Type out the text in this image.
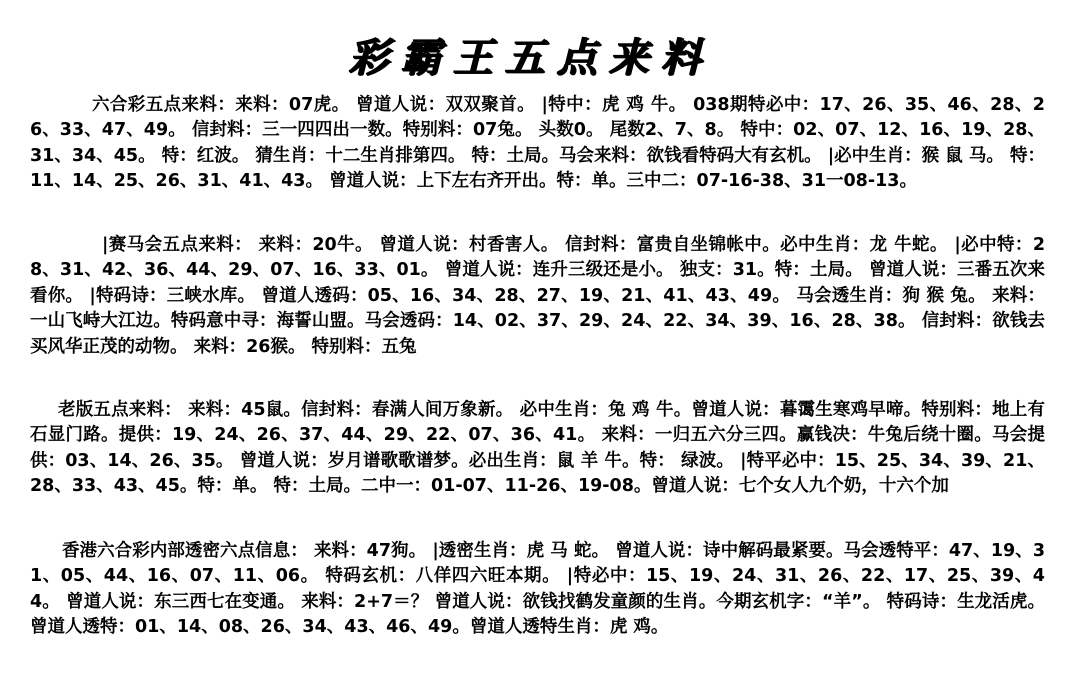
彩霸王五点来料
六合彩五点来料：来料：07虎。 曾道人说：双双聚首。 |特中：虎 鸡 牛。 038期特必中：17、26、35、46、28、26、33、47、49。 信封料：三一四四出一数。特别料：07兔。 头数0。 尾数2、7、8。 特中：02、07、12、16、19、28、31、34、45。 特：红波。 猜生肖：十二生肖排第四。 特：土局。马会来料：欲钱看特码大有玄机。 |必中生肖：猴 鼠 马。 特：11、14、25、26、31、41、43。 曾道人说：上下左右齐开出。特：单。三中二：07-16-38、31一08-13。
|赛马会五点来料： 来料：20牛。 曾道人说：村香害人。 信封料：富贵自坐锦帐中。必中生肖：龙 牛蛇。 |必中特：28、31、42、36、44、29、07、16、33、01。 曾道人说：连升三级还是小。 独支：31。特：土局。 曾道人说：三番五次来看你。 |特码诗：三峡水库。 曾道人透码：05、16、34、28、27、19、21、41、43、49。 马会透生肖：狗 猴 兔。 来料：一山飞峙大江边。特码意中寻：海誓山盟。马会透码：14、02、37、29、24、22、34、39、16、28、38。 信封料：欲钱去买风华正茂的动物。 来料：26猴。 特别料：五兔
老版五点来料： 来料：45鼠。信封料：春满人间万象新。 必中生肖：兔 鸡 牛。曾道人说：暮霭生寒鸡早啼。特别料：地上有石显门路。提供：19、24、26、37、44、29、22、07、36、41。 来料：一归五六分三四。赢钱决：牛兔后绕十圈。马会提供：03、14、26、35。 曾道人说：岁月谱歌歌谱梦。必出生肖：鼠 羊 牛。特： 绿波。 |特平必中：15、25、34、39、21、28、33、43、45。特：单。 特：土局。二中一：01-07、11-26、19-08。曾道人说：七个女人九个奶，十六个加
香港六合彩内部透密六点信息： 来料：47狗。 |透密生肖：虎 马 蛇。 曾道人说：诗中解码最紧要。马会透特平：47、19、31、05、44、16、07、11、06。 特码玄机：八佯四六旺本期。 |特必中：15、19、24、31、26、22、17、25、39、44。 曾道人说：东三西七在变通。 来料：2+7＝？ 曾道人说：欲钱找鹤发童颜的生肖。今期玄机字：“羊”。 特码诗：生龙活虎。曾道人透特：01、14、08、26、34、43、46、49。曾道人透特生肖：虎 鸡。
